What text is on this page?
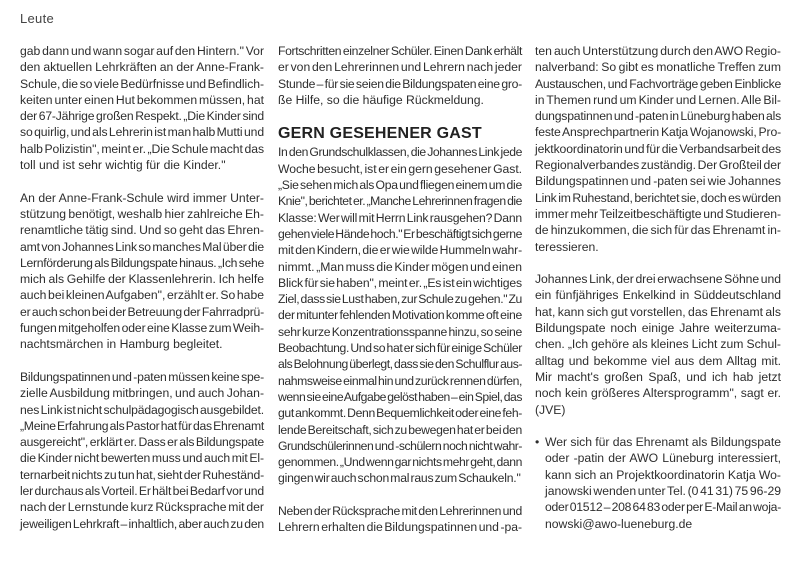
Leute
gab dann und wann sogar auf den Hintern." Vor
den aktuellen Lehrkräften an der Anne-Frank-
Schule, die so viele Bedürfnisse und Befindlich-
keiten unter einen Hut bekommen müssen, hat
der 67-Jährige großen Respekt. „Die Kinder sind
so quirlig, und als Lehrerin ist man halb Mutti und
halb Polizistin", meint er. „Die Schule macht das
toll und ist sehr wichtig für die Kinder."
An der Anne-Frank-Schule wird immer Unter-
stützung benötigt, weshalb hier zahlreiche Eh-
renamtliche tätig sind. Und so geht das Ehren-
amt von Johannes Link so manches Mal über die
Lernförderung als Bildungspate hinaus. „Ich sehe
mich als Gehilfe der Klassenlehrerin. Ich helfe
auch bei kleinen Aufgaben", erzählt er. So habe
er auch schon bei der Betreuung der Fahrradprü-
fungen mitgeholfen oder eine Klasse zum Weih-
nachtsmärchen in Hamburg begleitet.
Bildungspatinnen und -paten müssen keine spe-
zielle Ausbildung mitbringen, und auch Johan-
nes Link ist nicht schulpädagogisch ausgebildet.
„Meine Erfahrung als Pastor hat für das Ehrenamt
ausgereicht", erklärt er. Dass er als Bildungspate
die Kinder nicht bewerten muss und auch mit El-
ternarbeit nichts zu tun hat, sieht der Ruheständ-
ler durchaus als Vorteil. Er hält bei Bedarf vor und
nach der Lernstunde kurz Rücksprache mit der
jeweiligen Lehrkraft – inhaltlich, aber auch zu den
Fortschritten einzelner Schüler. Einen Dank erhält
er von den Lehrerinnen und Lehrern nach jeder
Stunde – für sie seien die Bildungspaten eine gro-
ße Hilfe, so die häufige Rückmeldung.
GERN GESEHENER GAST
In den Grundschulklassen, die Johannes Link jede
Woche besucht, ist er ein gern gesehener Gast.
„Sie sehen mich als Opa und fliegen einem um die
Knie", berichtet er. „Manche Lehrerinnen fragen die
Klasse: Wer will mit Herrn Link rausgehen? Dann
gehen viele Hände hoch." Er beschäftigt sich gerne
mit den Kindern, die er wie wilde Hummeln wahr-
nimmt. „Man muss die Kinder mögen und einen
Blick für sie haben", meint er. „Es ist ein wichtiges
Ziel, dass sie Lust haben, zur Schule zu gehen." Zu
der mitunter fehlenden Motivation komme oft eine
sehr kurze Konzentrationsspanne hinzu, so seine
Beobachtung. Und so hat er sich für einige Schüler
als Belohnung überlegt, dass sie den Schulflur aus-
nahmsweise einmal hin und zurück rennen dürfen,
wenn sie eine Aufgabe gelöst haben – ein Spiel, das
gut ankommt. Denn Bequemlichkeit oder eine feh-
lende Bereitschaft, sich zu bewegen hat er bei den
Grundschülerinnen und -schülern noch nicht wahr-
genommen. „Und wenn gar nichts mehr geht, dann
gingen wir auch schon mal raus zum Schaukeln."
Neben der Rücksprache mit den Lehrerinnen und
Lehrern erhalten die Bildungspatinnen und -pa-
ten auch Unterstützung durch den AWO Regio-
nalverband: So gibt es monatliche Treffen zum
Austauschen, und Fachvorträge geben Einblicke
in Themen rund um Kinder und Lernen. Alle Bil-
dungspatinnen und -paten in Lüneburg haben als
feste Ansprechpartnerin Katja Wojanowski, Pro-
jektkoordinatorin und für die Verbandsarbeit des
Regionalverbandes zuständig. Der Großteil der
Bildungspatinnen und -paten sei wie Johannes
Link im Ruhestand, berichtet sie, doch es würden
immer mehr Teilzeitbeschäftigte und Studieren-
de hinzukommen, die sich für das Ehrenamt in-
teressieren.
Johannes Link, der drei erwachsene Söhne und
ein fünfjähriges Enkelkind in Süddeutschland
hat, kann sich gut vorstellen, das Ehrenamt als
Bildungspate noch einige Jahre weiterzuma-
chen. „Ich gehöre als kleines Licht zum Schul-
alltag und bekomme viel aus dem Alltag mit.
Mir macht's großen Spaß, und ich hab jetzt
noch kein größeres Altersprogramm", sagt er.
(JVE)
• Wer sich für das Ehrenamt als Bildungspate
oder -patin der AWO Lüneburg interessiert,
kann sich an Projektkoordinatorin Katja Wo-
janowski wenden unter Tel. (0 41 31) 75 96-29
oder 01512 – 208 64 83 oder per E-Mail an woja-
nowski@awo-lueneburg.de
